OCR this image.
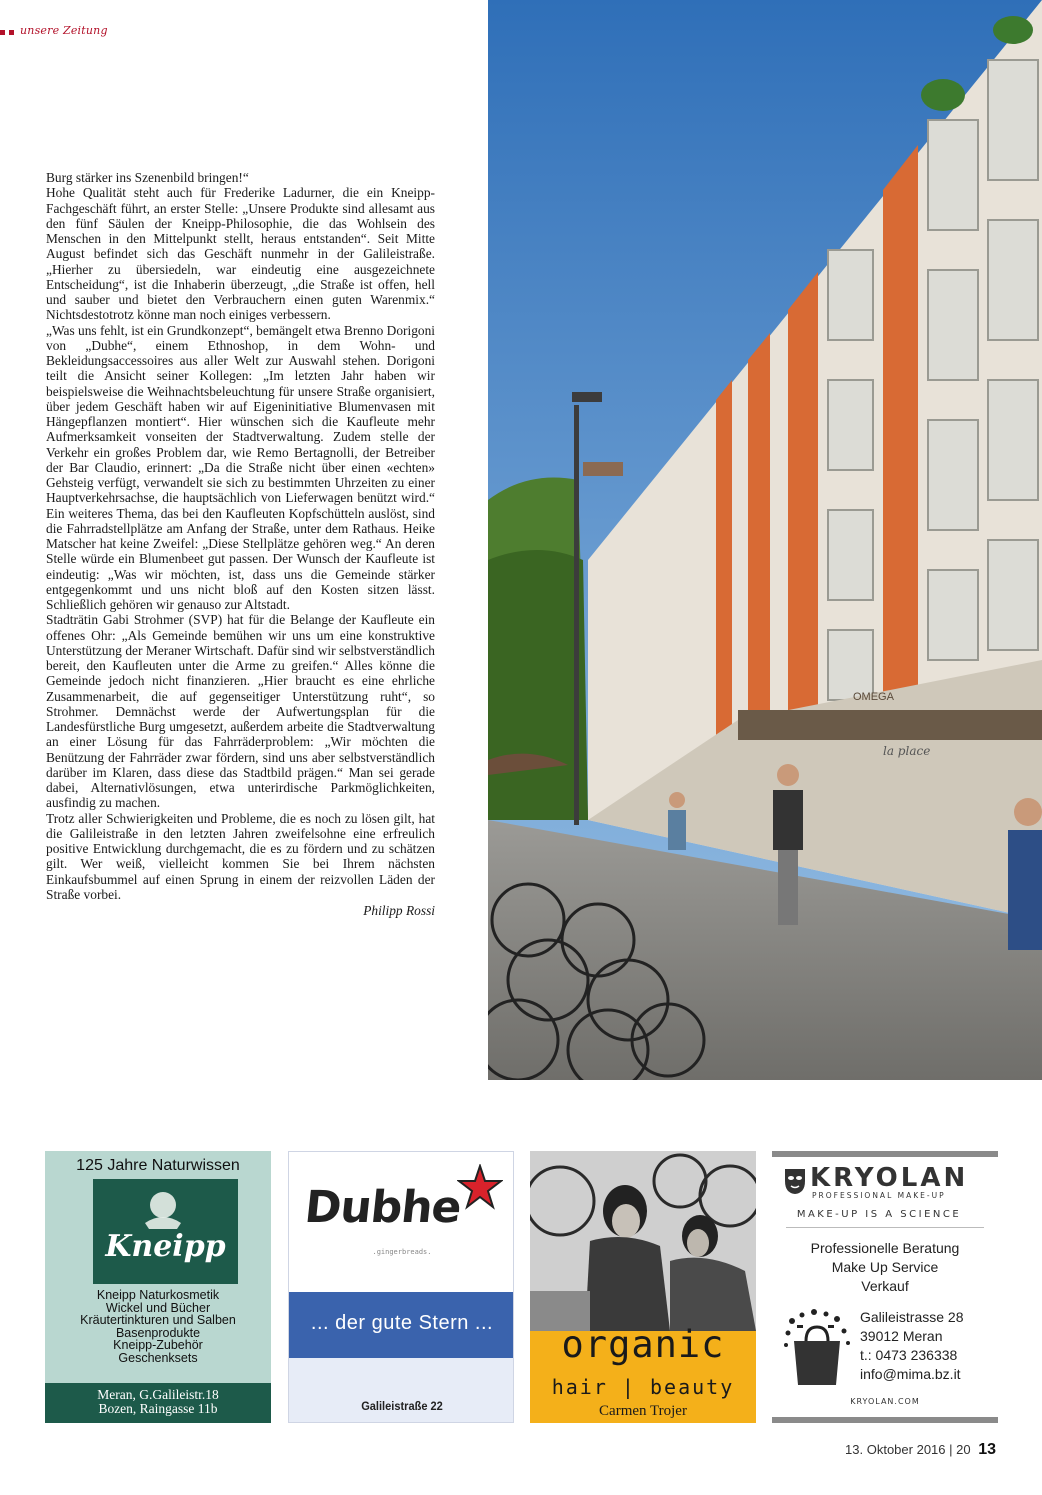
unsere Zeitung

Burg stärker ins Szenenbild bringen!“

Hohe Qualität steht auch für Frederike Ladurner, die ein Kneipp-Fachgeschäft führt, an erster Stelle: „Unsere Produkte sind allesamt aus den fünf Säulen der Kneipp-Philosophie, die das Wohlsein des Menschen in den Mittelpunkt stellt, heraus entstanden“. Seit Mitte August befindet sich das Geschäft nunmehr in der Galileistraße. „Hierher zu übersiedeln, war eindeutig eine ausgezeichnete Entscheidung“, ist die Inhaberin überzeugt, „die Straße ist offen, hell und sauber und bietet den Verbrauchern einen guten Warenmix.“ Nichtsdestotrotz könne man noch einiges verbessern.

„Was uns fehlt, ist ein Grundkonzept“, bemängelt etwa Brenno Dorigoni von „Dubhe“, einem Ethnoshop, in dem Wohn- und Bekleidungsaccessoires aus aller Welt zur Auswahl stehen. Dorigoni teilt die Ansicht seiner Kollegen: „Im letzten Jahr haben wir beispielsweise die Weihnachtsbeleuchtung für unsere Straße organisiert, über jedem Geschäft haben wir auf Eigeninitiative Blumenvasen mit Hängepflanzen montiert“. Hier wünschen sich die Kaufleute mehr Aufmerksamkeit vonseiten der Stadtverwaltung. Zudem stelle der Verkehr ein großes Problem dar, wie Remo Bertagnolli, der Betreiber der Bar Claudio, erinnert: „Da die Straße nicht über einen «echten» Gehsteig verfügt, verwandelt sie sich zu bestimmten Uhrzeiten zu einer Hauptverkehrsachse, die hauptsächlich von Lieferwagen benützt wird.“ Ein weiteres Thema, das bei den Kaufleuten Kopfschütteln auslöst, sind die Fahrradstellplätze am Anfang der Straße, unter dem Rathaus. Heike Matscher hat keine Zweifel: „Diese Stellplätze gehören weg.“ An deren Stelle würde ein Blumenbeet gut passen. Der Wunsch der Kaufleute ist eindeutig: „Was wir möchten, ist, dass uns die Gemeinde stärker entgegenkommt und uns nicht bloß auf den Kosten sitzen lässt. Schließlich gehören wir genauso zur Altstadt.

Stadträtin Gabi Strohmer (SVP) hat für die Belange der Kaufleute ein offenes Ohr: „Als Gemeinde bemühen wir uns um eine konstruktive Unterstützung der Meraner Wirtschaft. Dafür sind wir selbstverständlich bereit, den Kaufleuten unter die Arme zu greifen.“ Alles könne die Gemeinde jedoch nicht finanzieren. „Hier braucht es eine ehrliche Zusammenarbeit, die auf gegenseitiger Unterstützung ruht“, so Strohmer. Demnächst werde der Aufwertungsplan für die Landesfürstliche Burg umgesetzt, außerdem arbeite die Stadtverwaltung an einer Lösung für das Fahrräderproblem: „Wir möchten die Benützung der Fahrräder zwar fördern, sind uns aber selbstverständlich darüber im Klaren, dass diese das Stadtbild prägen.“ Man sei gerade dabei, Alternativlösungen, etwa unterirdische Parkmöglichkeiten, ausfindig zu machen.

Trotz aller Schwierigkeiten und Probleme, die es noch zu lösen gilt, hat die Galileistraße in den letzten Jahren zweifelsohne eine erfreulich positive Entwicklung durchgemacht, die es zu fördern und zu schätzen gilt. Wer weiß, vielleicht kommen Sie bei Ihrem nächsten Einkaufsbummel auf einen Sprung in einem der reizvollen Läden der Straße vorbei.

Philipp Rossi

OMEGA
la place
125 Jahre Naturwissen
Kneipp
Kneipp Naturkosmetik
Wickel und Bücher
Kräutertinkturen und Salben
Basenprodukte
Kneipp-Zubehör
Geschenksets
Meran, G.Galileistr.18
Bozen, Raingasse 11b
Dubhe
.gingerbreads.
... der gute Stern ...
Galileistraße 22
organic
hair | beauty
Carmen Trojer
KRYOLAN
PROFESSIONAL MAKE-UP
MAKE-UP IS A SCIENCE
Professionelle Beratung
Make Up Service
Verkauf
Galileistrasse 28
39012 Meran
t.: 0473 236338
info@mima.bz.it
KRYOLAN.COM
13. Oktober 2016 | 20 13
